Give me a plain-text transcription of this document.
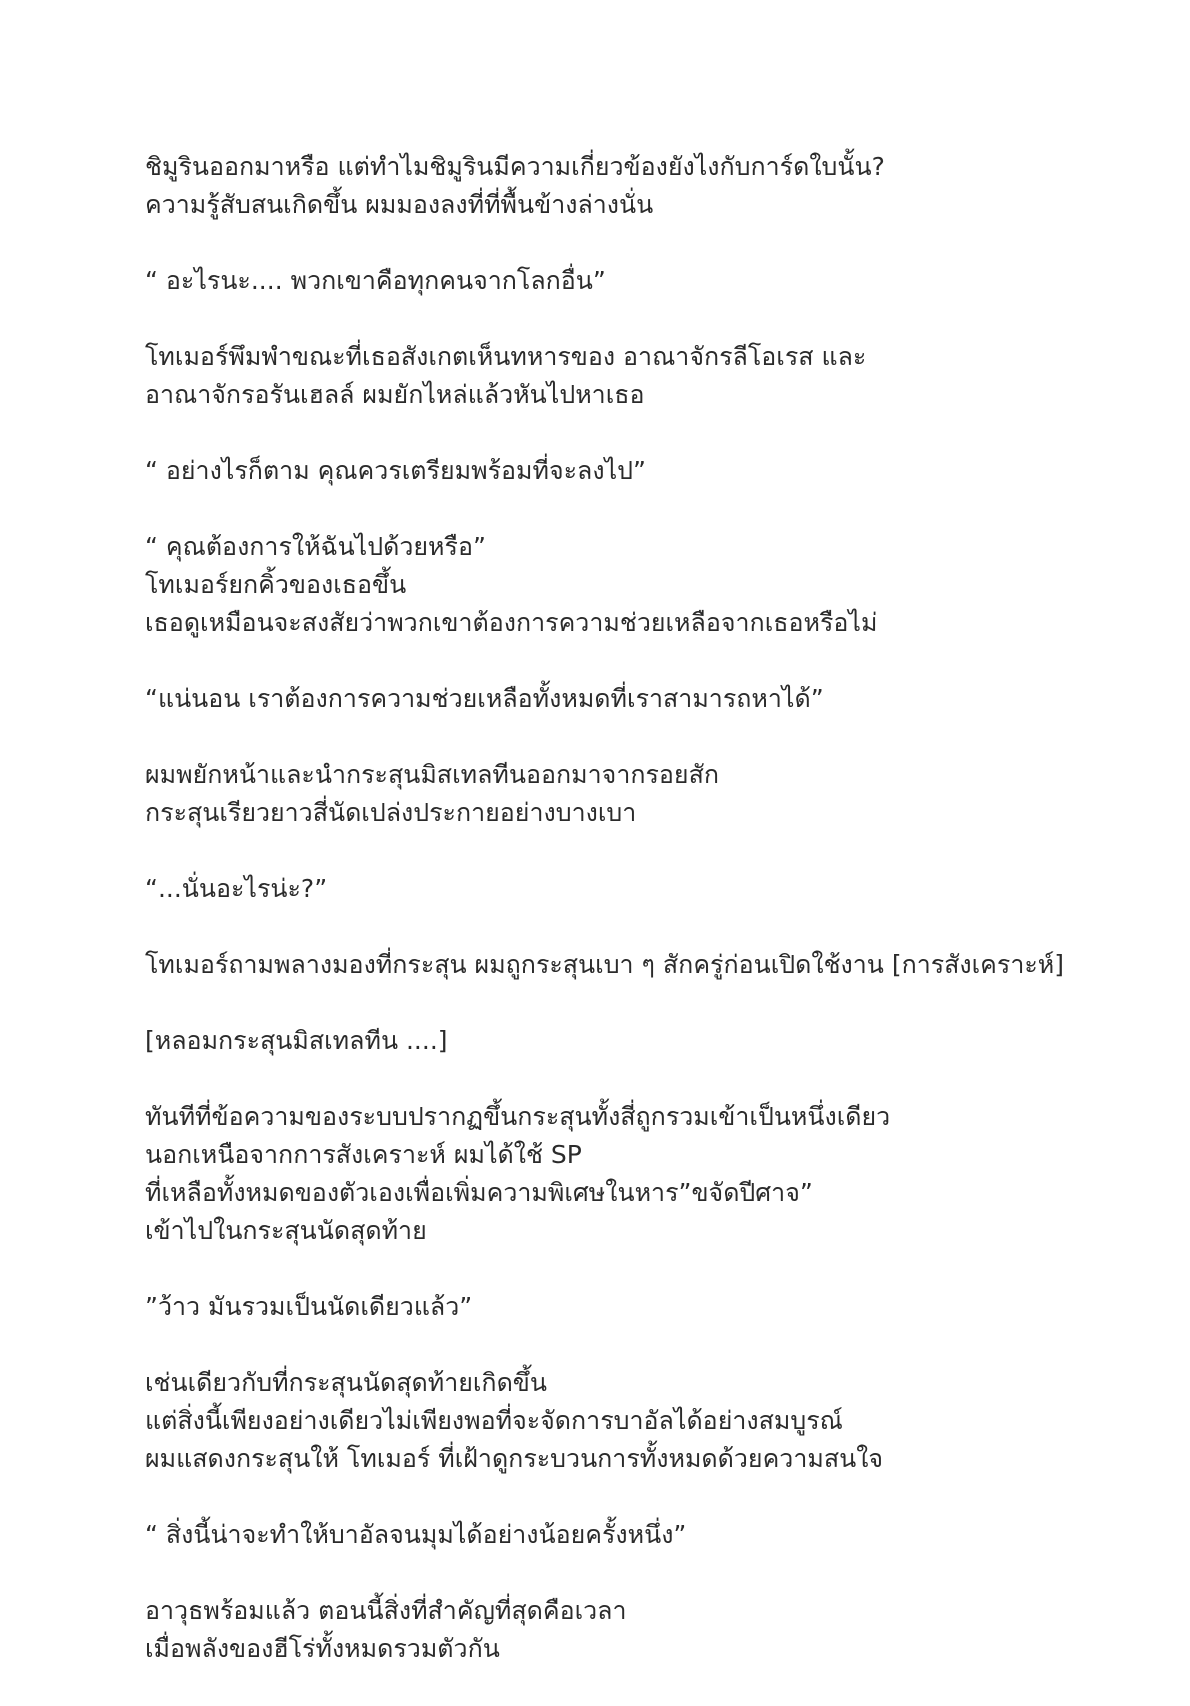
ชิมูรินออกมาหรือ แต่ทำไมชิมูรินมีความเกี่ยวข้องยังไงกับการ์ดใบนั้น?
ความรู้สับสนเกิดขึ้น ผมมองลงที่ที่พื้นข้างล่างนั่น

“ อะไรนะ.... พวกเขาคือทุกคนจากโลกอื่น”

โทเมอร์พึมพำขณะที่เธอสังเกตเห็นทหารของ อาณาจักรลีโอเรส และ
อาณาจักรอรันเฮลล์ ผมยักไหล่แล้วหันไปหาเธอ

“ อย่างไรก็ตาม คุณควรเตรียมพร้อมที่จะลงไป”

“ คุณต้องการให้ฉันไปด้วยหรือ”
โทเมอร์ยกคิ้วของเธอขึ้น
เธอดูเหมือนจะสงสัยว่าพวกเขาต้องการความช่วยเหลือจากเธอหรือไม่

“แน่นอน เราต้องการความช่วยเหลือทั้งหมดที่เราสามารถหาได้”

ผมพยักหน้าและนำกระสุนมิสเทลทีนออกมาจากรอยสัก
กระสุนเรียวยาวสี่นัดเปล่งประกายอย่างบางเบา

“...นั่นอะไรน่ะ?”

โทเมอร์ถามพลางมองที่กระสุน ผมถูกระสุนเบา ๆ สักครู่ก่อนเปิดใช้งาน [การสังเคราะห์]

[หลอมกระสุนมิสเทลทีน ....]

ทันทีที่ข้อความของระบบปรากฏขึ้นกระสุนทั้งสี่ถูกรวมเข้าเป็นหนึ่งเดียว
นอกเหนือจากการสังเคราะห์ ผมได้ใช้ SP
ที่เหลือทั้งหมดของตัวเองเพื่อเพิ่มความพิเศษในหาร”ขจัดปีศาจ”
เข้าไปในกระสุนนัดสุดท้าย

”ว้าว มันรวมเป็นนัดเดียวแล้ว”

เช่นเดียวกับที่กระสุนนัดสุดท้ายเกิดขึ้น
แต่สิ่งนี้เพียงอย่างเดียวไม่เพียงพอที่จะจัดการบาอัลได้อย่างสมบูรณ์
ผมแสดงกระสุนให้ โทเมอร์ ที่เฝ้าดูกระบวนการทั้งหมดด้วยความสนใจ

“ สิ่งนี้น่าจะทำให้บาอัลจนมุมได้อย่างน้อยครั้งหนึ่ง”

อาวุธพร้อมแล้ว ตอนนี้สิ่งที่สำคัญที่สุดคือเวลา
เมื่อพลังของฮีโร่ทั้งหมดรวมตัวกัน
